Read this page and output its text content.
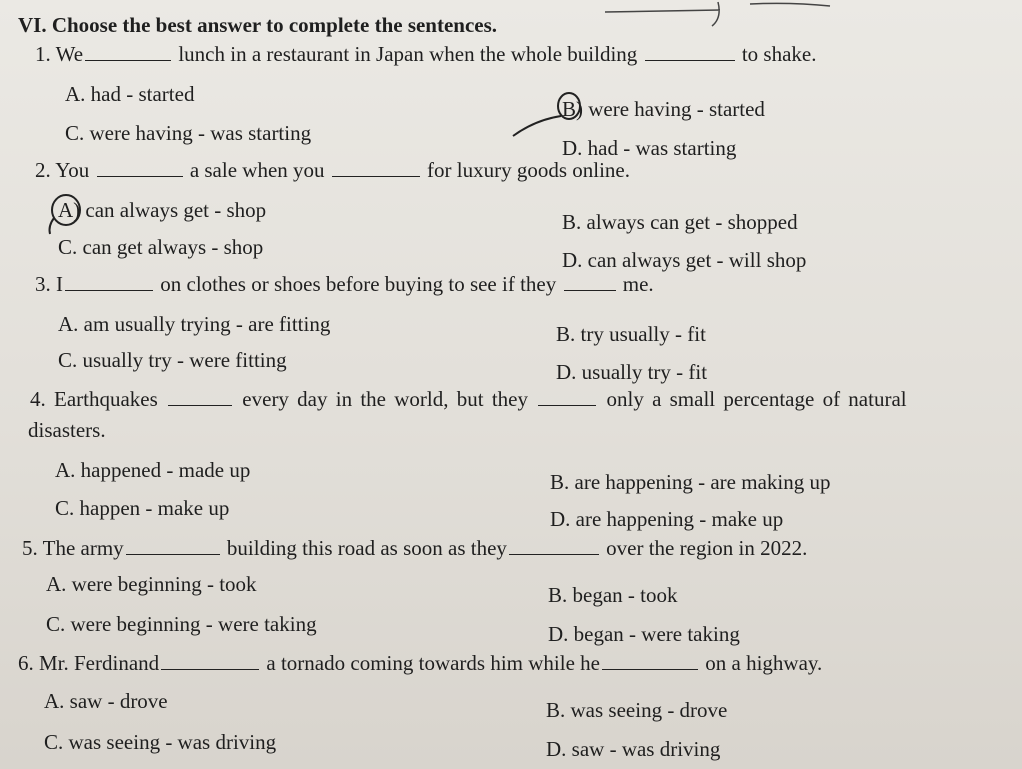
VI. Choose the best answer to complete the sentences.
1. We	lunch in a restaurant in Japan when the whole building	to shake.
A. had - started
B) were having - started
C. were having - was starting
D. had - was starting
2. You	a sale when you	for luxury goods online.
A) can always get - shop	B. always can get - shopped
C. can get always - shop
D. can always get - will shop
3. I	on clothes or shoes before buying to see if they	me.
A. am usually trying - are fitting	B. try usually - fit
C. usually try - were fitting	D. usually try - fit
4. Earthquakes	every day in the world, but they	only a small percentage of natural
disasters.
A. happened - made up	B. are happening - are making up
C. happen - make up	D. are happening - make up
5. The army	building this road as soon as they	over the region in 2022.
A. were beginning - took	B. began - took
C. were beginning - were taking	D. began - were taking
6. Mr. Ferdinand	a tornado coming towards him while he	on a highway.
A. saw - drove	B. was seeing - drove
C. was seeing - was driving	D. saw - was driving
